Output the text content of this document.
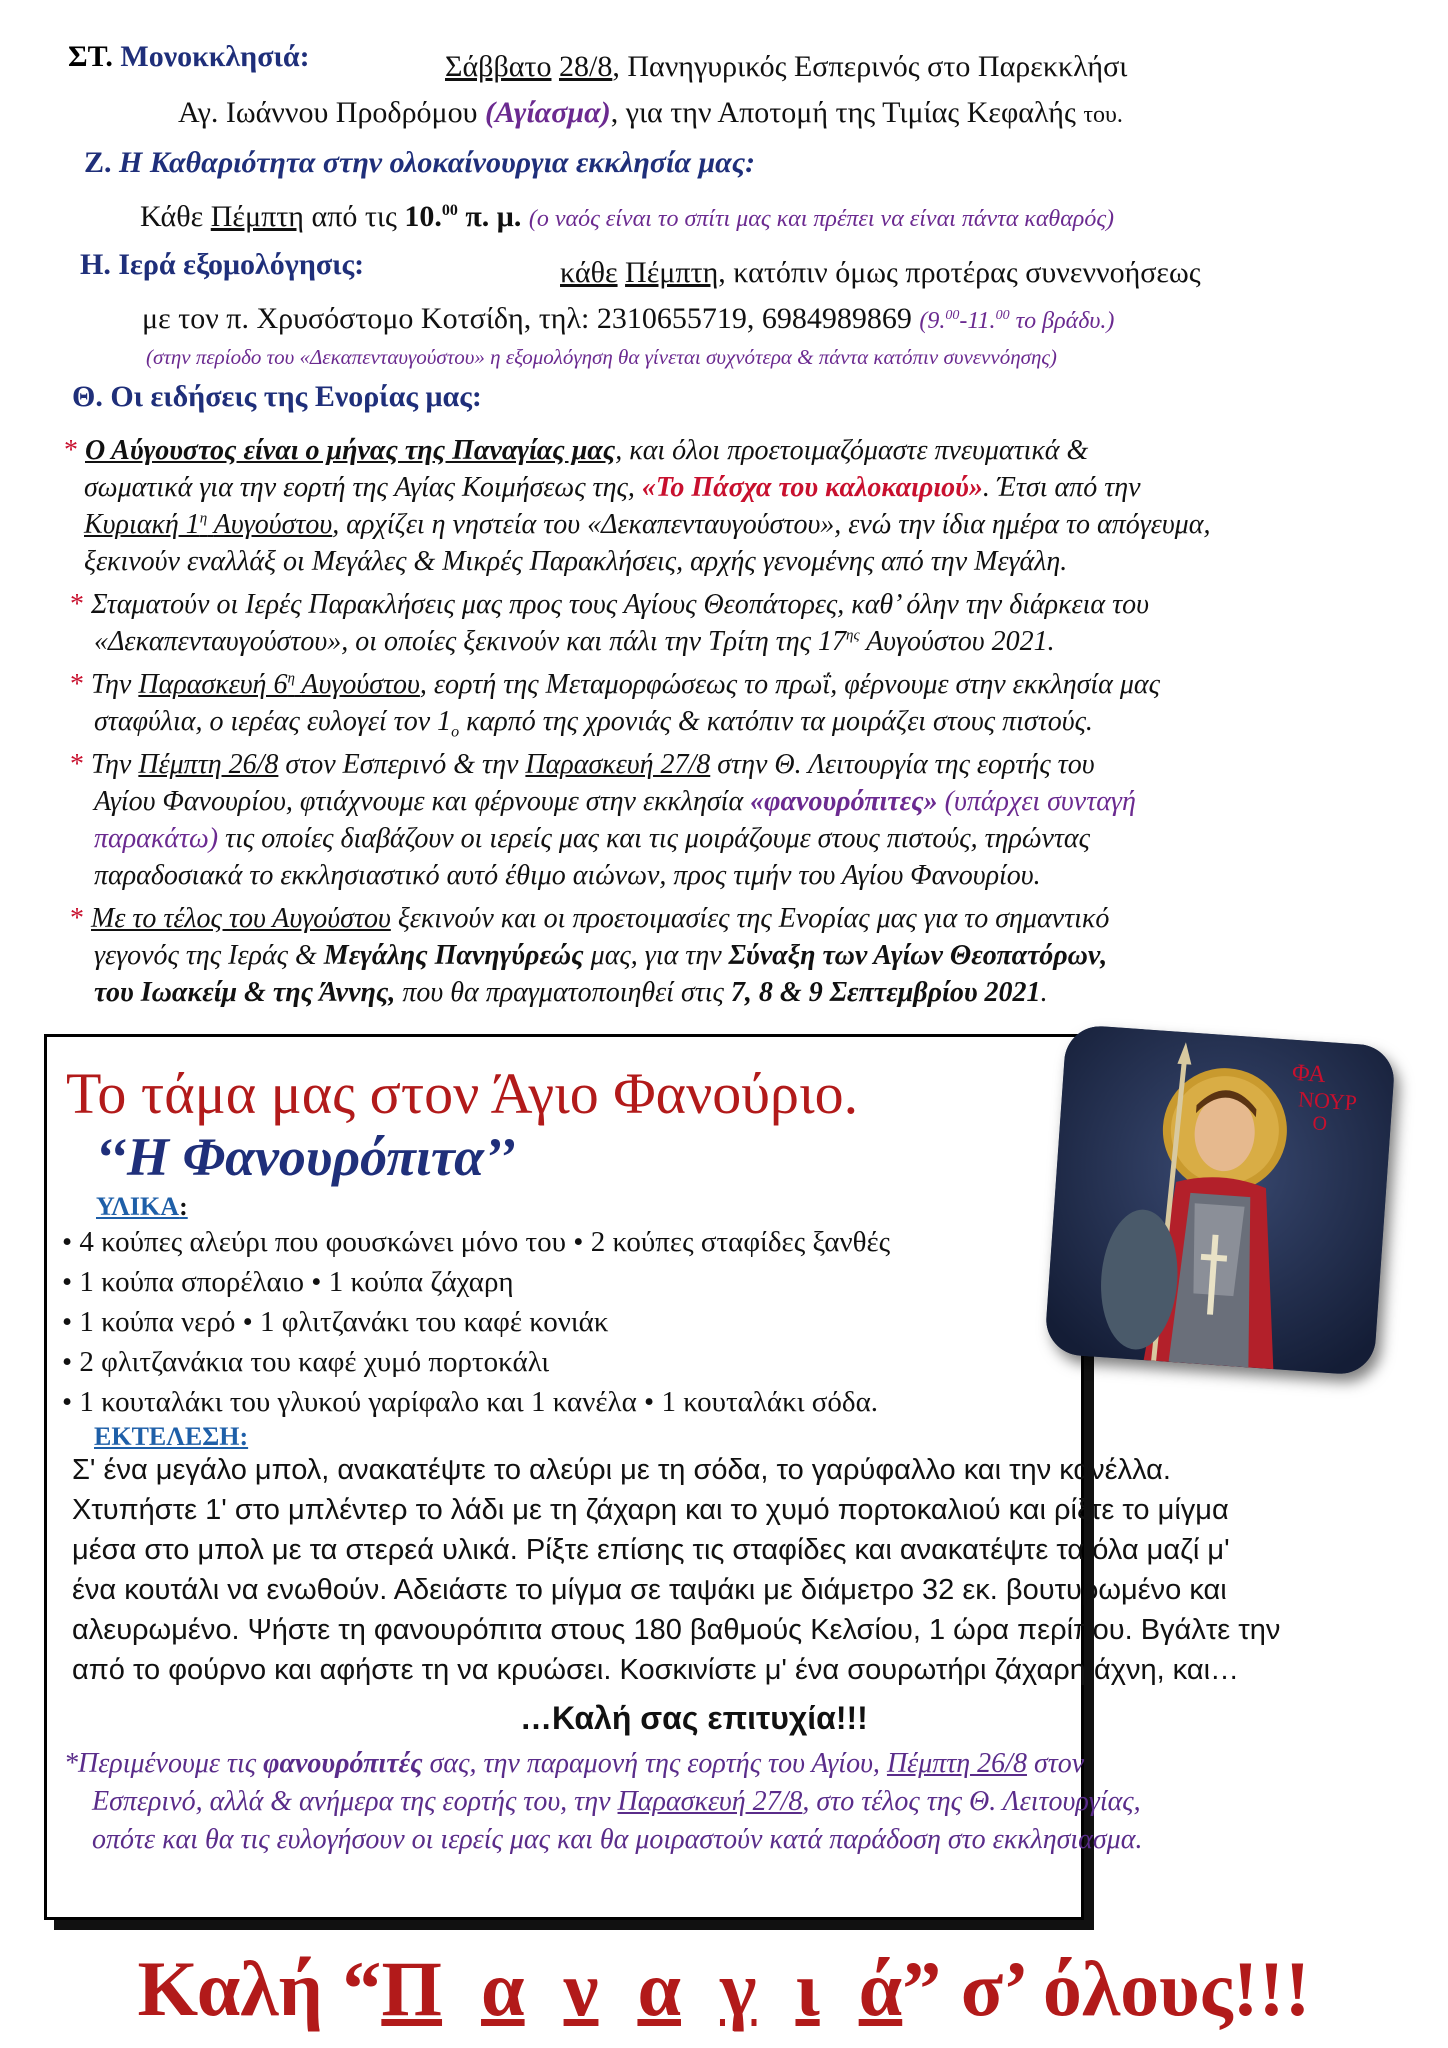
ΣΤ. Μονοκκλησιά:	Σάββατο 28/8, Πανηγυρικός Εσπερινός στο Παρεκκλήσι
Αγ. Ιωάννου Προδρόμου (Αγίασμα), για την Αποτομή της Τιμίας Κεφαλής του.
Ζ. Η Καθαριότητα στην ολοκαίνουργια εκκλησία μας:
Κάθε Πέμπτη από τις 10.00 π. μ. (ο ναός είναι το σπίτι μας και πρέπει να είναι πάντα καθαρός)
Η. Ιερά εξομολόγησις:	κάθε Πέμπτη, κατόπιν όμως προτέρας συνεννοήσεως
με τον π. Χρυσόστομο Κοτσίδη, τηλ: 2310655719, 6984989869 (9.00-11.00 το βράδυ.)
(στην περίοδο του «Δεκαπενταυγούστου» η εξομολόγηση θα γίνεται συχνότερα & πάντα κατόπιν συνεννόησης)
Θ. Οι ειδήσεις της Ενορίας μας:
* Ο Αύγουστος είναι ο μήνας της Παναγίας μας, και όλοι προετοιμαζόμαστε πνευματικά &
σωματικά για την εορτή της Αγίας Κοιμήσεως της, «Το Πάσχα του καλοκαιριού». Έτσι από την
Κυριακή $1^\eta$ Αυγούστου, αρχίζει η νηστεία του «Δεκαπενταυγούστου», ενώ την ίδια ημέρα το απόγευμα,
ξεκινούν εναλλάξ οι Μεγάλες & Μικρές Παρακλήσεις, αρχής γενομένης από την Μεγάλη.
* Σταματούν οι Ιερές Παρακλήσεις μας προς τους Αγίους Θεοπάτορες, καθ’ όλην την διάρκεια του
«Δεκαπενταυγούστου», οι οποίες ξεκινούν και πάλι την Τρίτη της $17^{\eta\varsigma}$ Αυγούστου 2021.
* Την Παρασκευή $6^\eta$ Αυγούστου, εορτή της Μεταμορφώσεως το πρωΐ, φέρνουμε στην εκκλησία μας
σταφύλια, ο ιερέας ευλογεί τον $1_o$ καρπό της χρονιάς & κατόπιν τα μοιράζει στους πιστούς.
* Την Πέμπτη 26/8 στον Εσπερινό & την Παρασκευή 27/8 στην Θ. Λειτουργία της εορτής του
Αγίου Φανουρίου, φτιάχνουμε και φέρνουμε στην εκκλησία «φανουρόπιτες» (υπάρχει συνταγή
παρακάτω) τις οποίες διαβάζουν οι ιερείς μας και τις μοιράζουμε στους πιστούς, τηρώντας
παραδοσιακά το εκκλησιαστικό αυτό έθιμο αιώνων, προς τιμήν του Αγίου Φανουρίου.
* Με το τέλος του Αυγούστου ξεκινούν και οι προετοιμασίες της Ενορίας μας για το σημαντικό
γεγονός της Ιεράς & Μεγάλης Πανηγύρεώς μας, για την Σύναξη των Αγίων Θεοπατόρων,
του Ιωακείμ & της Άννης, που θα πραγματοποιηθεί στις 7, 8 & 9 Σεπτεμβρίου 2021.
Το τάμα μας στον Άγιο Φανούριο.
‘‘Η Φανουρόπιτα’’
ΦΑ
ΝΟΥΡ
Ο
ΥΛΙΚΑ:
• 4 κούπες αλεύρι που φουσκώνει μόνο του • 2 κούπες σταφίδες ξανθές
• 1 κούπα σπορέλαιο • 1 κούπα ζάχαρη
• 1 κούπα νερό • 1 φλιτζανάκι του καφέ κονιάκ
• 2 φλιτζανάκια του καφέ χυμό πορτοκάλι
• 1 κουταλάκι του γλυκού γαρίφαλο και 1 κανέλα • 1 κουταλάκι σόδα.
ΕΚΤΕΛΕΣΗ:
Σ' ένα μεγάλο μπολ, ανακατέψτε το αλεύρι με τη σόδα, το γαρύφαλλο και την κανέλλα.
Χτυπήστε 1' στο μπλέντερ το λάδι με τη ζάχαρη και το χυμό πορτοκαλιού και ρίξτε το μίγμα
μέσα στο μπολ με τα στερεά υλικά. Ρίξτε επίσης τις σταφίδες και ανακατέψτε τα όλα μαζί μ'
ένα κουτάλι να ενωθούν. Αδειάστε το μίγμα σε ταψάκι με διάμετρο 32 εκ. βουτυρωμένο και
αλευρωμένο. Ψήστε τη φανουρόπιτα στους 180 βαθμούς Κελσίου, 1 ώρα περίπου. Βγάλτε την
από το φούρνο και αφήστε τη να κρυώσει. Κοσκινίστε μ' ένα σουρωτήρι ζάχαρη άχνη, και…
…Καλή σας επιτυχία!!!
*Περιμένουμε τις φανουρόπιτές σας, την παραμονή της εορτής του Αγίου, Πέμπτη 26/8 στον
Εσπερινό, αλλά & ανήμερα της εορτής του, την Παρασκευή 27/8, στο τέλος της Θ. Λειτουργίας,
οπότε και θα τις ευλογήσουν οι ιερείς μας και θα μοιραστούν κατά παράδοση στο εκκλησιασμα.
Καλή “Π α ν α γ ι ά” σ’ όλους!!!
